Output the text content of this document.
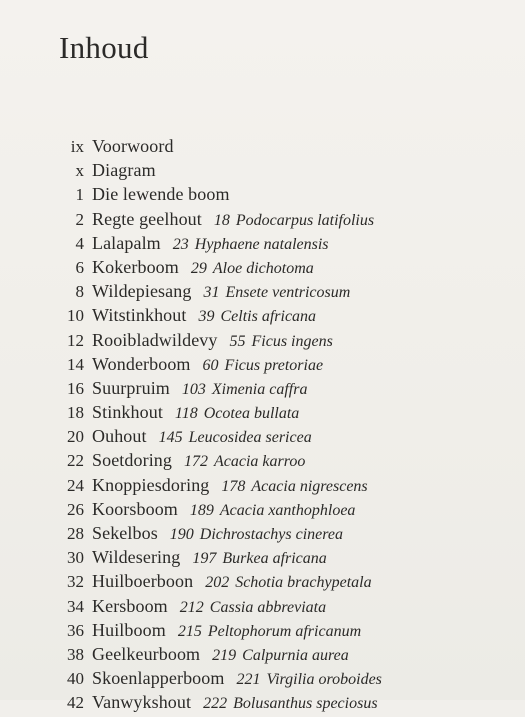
Inhoud
ix Voorwoord
x Diagram
1 Die lewende boom
2 Regte geelhout 18 Podocarpus latifolius
4 Lalapalm 23 Hyphaene natalensis
6 Kokerboom 29 Aloe dichotoma
8 Wildepiesang 31 Ensete ventricosum
10 Witstinkhout 39 Celtis africana
12 Rooibladwildevy 55 Ficus ingens
14 Wonderboom 60 Ficus pretoriae
16 Suurpruim 103 Ximenia caffra
18 Stinkhout 118 Ocotea bullata
20 Ouhout 145 Leucosidea sericea
22 Soetdoring 172 Acacia karroo
24 Knoppiesdoring 178 Acacia nigrescens
26 Koorsboom 189 Acacia xanthophloea
28 Sekelbos 190 Dichrostachys cinerea
30 Wildesering 197 Burkea africana
32 Huilboerboon 202 Schotia brachypetala
34 Kersboom 212 Cassia abbreviata
36 Huilboom 215 Peltophorum africanum
38 Geelkeurboom 219 Calpurnia aurea
40 Skoenlapperboom 221 Virgilia oroboides
42 Vanwykshout 222 Bolusanthus speciosus
